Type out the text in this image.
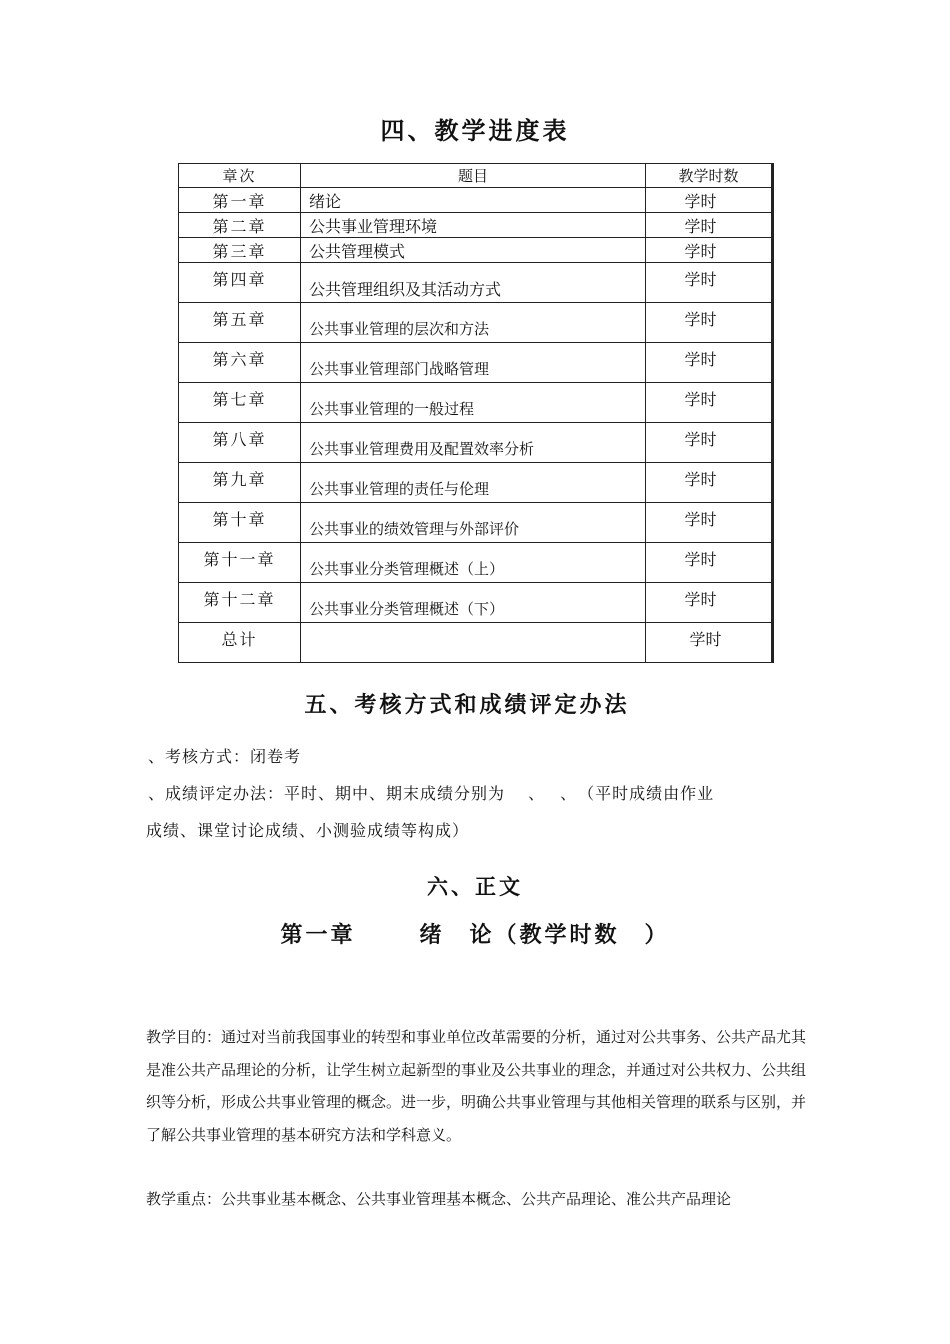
四、教学进度表
章次	题目	教学时数
第一章	绪论	学时
第二章	公共事业管理环境	学时
第三章	公共管理模式	学时
第四章	公共管理组织及其活动方式	学时
第五章	公共事业管理的层次和方法	学时
第六章	公共事业管理部门战略管理	学时
第七章	公共事业管理的一般过程	学时
第八章	公共事业管理费用及配置效率分析	学时
第九章	公共事业管理的责任与伦理	学时
第十章	公共事业的绩效管理与外部评价	学时
第十一章	公共事业分类管理概述（上）	学时
第十二章	公共事业分类管理概述（下）	学时
总计		学时
五、考核方式和成绩评定办法
、考核方式：闭卷考
、成绩评定办法：平时、期中、期末成绩分别为　 、　 、　（平时成绩由作业
成绩、课堂讨论成绩、小测验成绩等构成）
六、正文
第一章	绪　论（教学时数　）
教学目的：通过对当前我国事业的转型和事业单位改革需要的分析，通过对公共事务、公共产品尤其是准公共产品理论的分析，让学生树立起新型的事业及公共事业的理念，并通过对公共权力、公共组织等分析，形成公共事业管理的概念。进一步，明确公共事业管理与其他相关管理的联系与区别，并了解公共事业管理的基本研究方法和学科意义。
教学重点：公共事业基本概念、公共事业管理基本概念、公共产品理论、准公共产品理论
